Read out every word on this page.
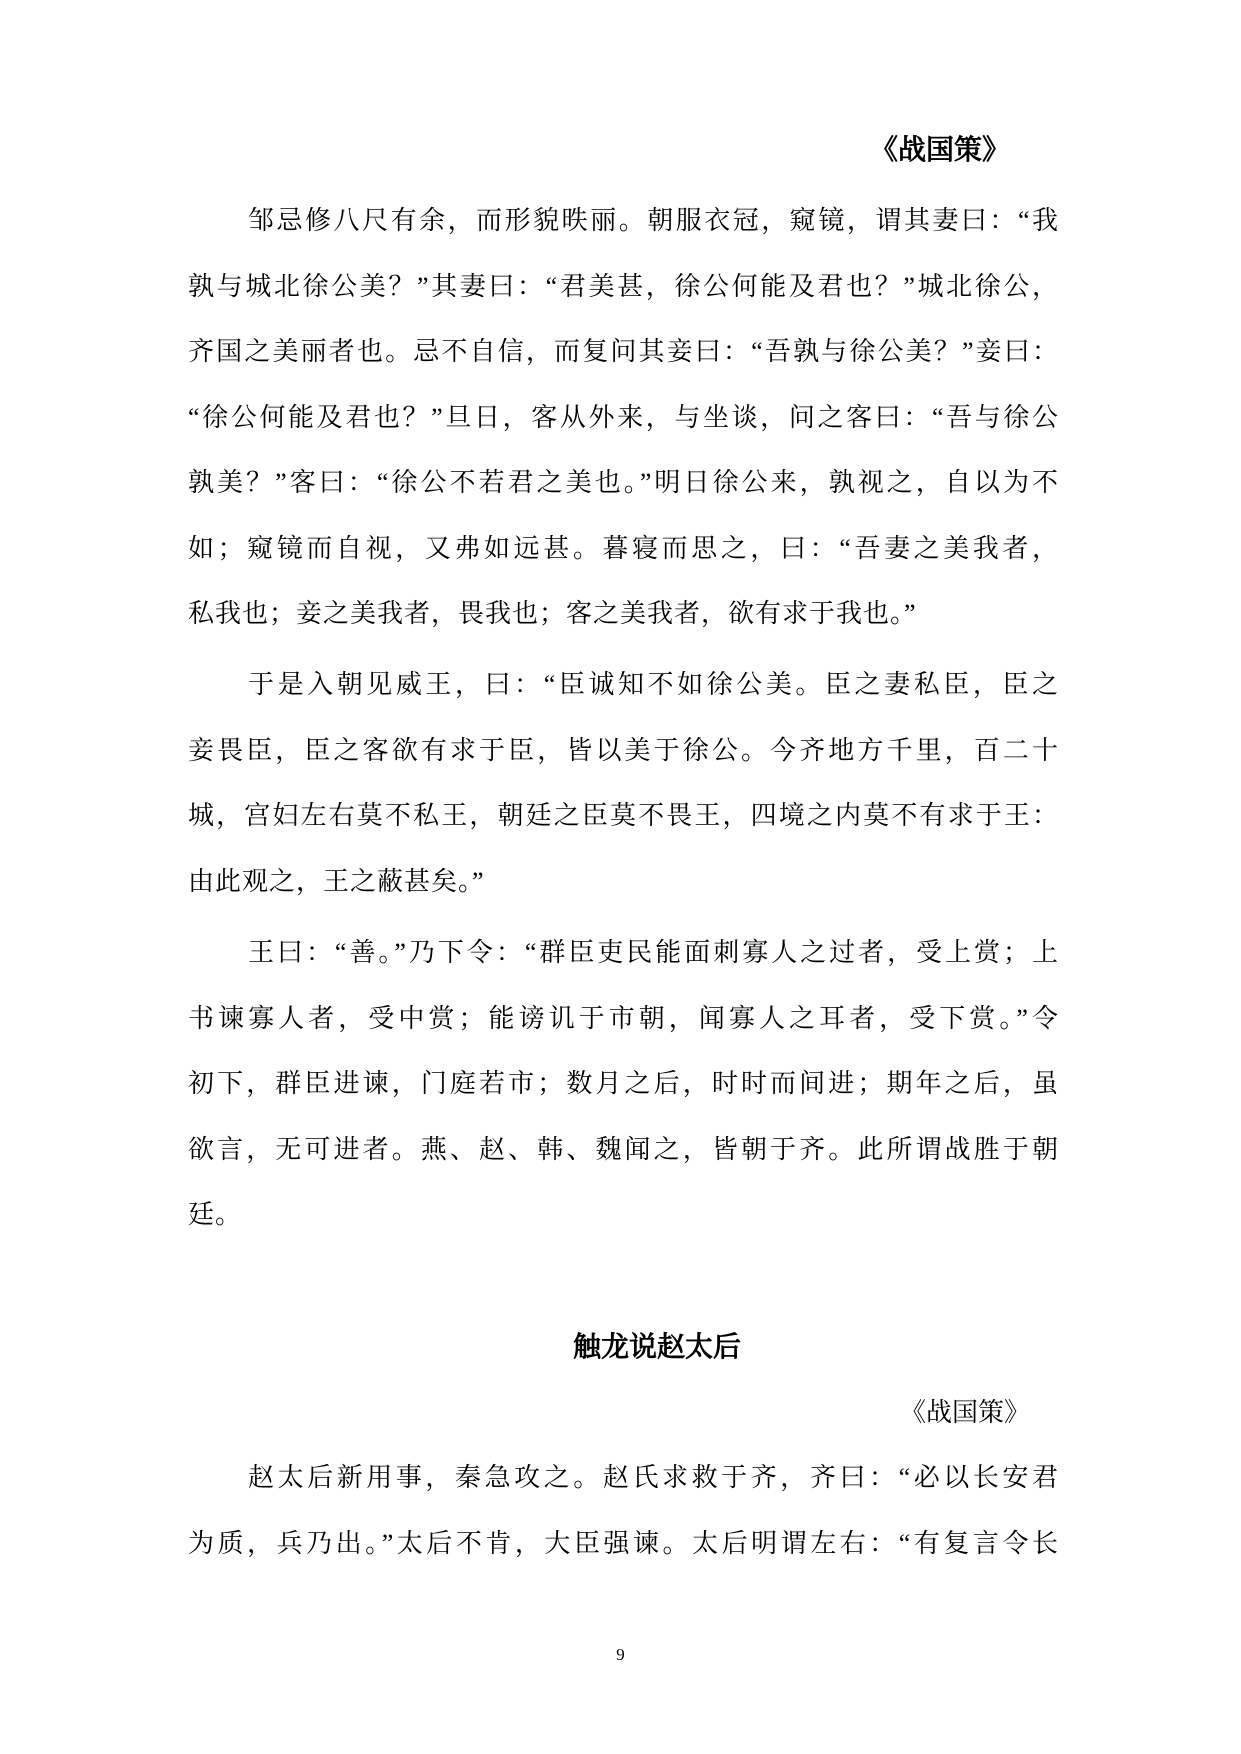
《战国策》
邹忌修八尺有余，而形貌昳丽。朝服衣冠，窥镜，谓其妻曰：“我
孰与城北徐公美？”其妻曰：“君美甚，徐公何能及君也？”城北徐公，
齐国之美丽者也。忌不自信，而复问其妾曰：“吾孰与徐公美？”妾曰：
“徐公何能及君也？”旦日，客从外来，与坐谈，问之客曰：“吾与徐公
孰美？”客曰：“徐公不若君之美也。”明日徐公来，孰视之，自以为不
如；窥镜而自视，又弗如远甚。暮寝而思之，曰：“吾妻之美我者，
私我也；妾之美我者，畏我也；客之美我者，欲有求于我也。”
于是入朝见威王，曰：“臣诚知不如徐公美。臣之妻私臣，臣之
妾畏臣，臣之客欲有求于臣，皆以美于徐公。今齐地方千里，百二十
城，宫妇左右莫不私王，朝廷之臣莫不畏王，四境之内莫不有求于王：
由此观之，王之蔽甚矣。”
王曰：“善。”乃下令：“群臣吏民能面刺寡人之过者，受上赏；上
书谏寡人者，受中赏；能谤讥于市朝，闻寡人之耳者，受下赏。”令
初下，群臣进谏，门庭若市；数月之后，时时而间进；期年之后，虽
欲言，无可进者。燕、赵、韩、魏闻之，皆朝于齐。此所谓战胜于朝
廷。
触龙说赵太后
《战国策》
赵太后新用事，秦急攻之。赵氏求救于齐，齐曰：“必以长安君
为质，兵乃出。”太后不肯，大臣强谏。太后明谓左右：“有复言令长
9
